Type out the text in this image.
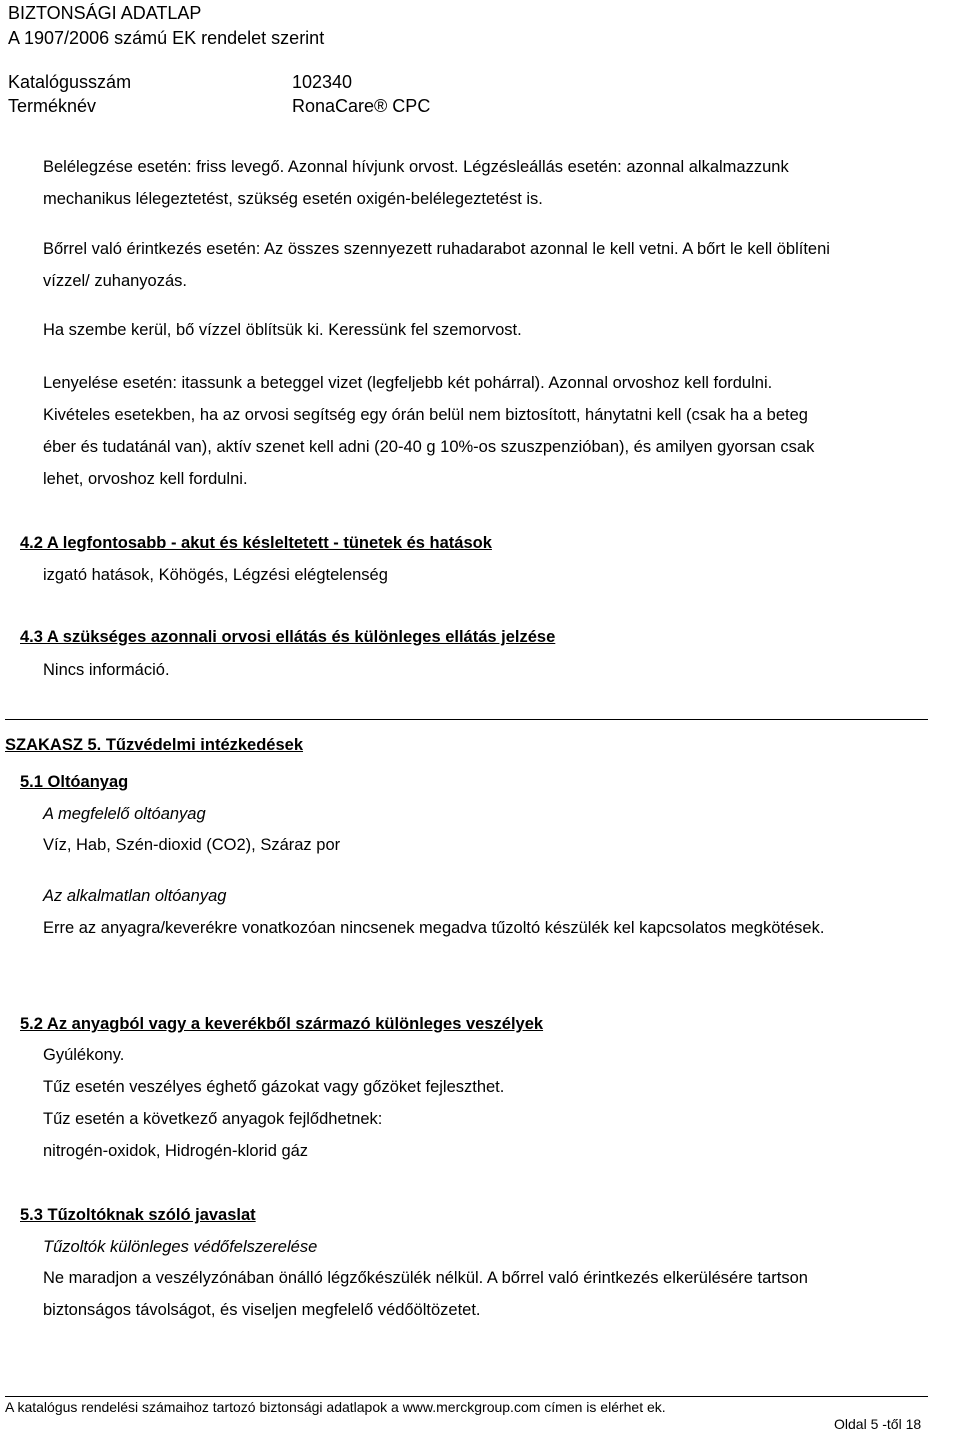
BIZTONSÁGI ADATLAP
A 1907/2006 számú EK rendelet szerint
Katalógusszám	102340
Terméknév	RonaCare® CPC
Belélegzése esetén: friss levegő. Azonnal hívjunk orvost. Légzésleállás esetén: azonnal alkalmazzunk mechanikus lélegeztetést, szükség esetén oxigén-belélegeztetést is.
Bőrrel való érintkezés esetén: Az összes szennyezett ruhadarabot azonnal le kell vetni. A bőrt le kell öblíteni vízzel/ zuhanyozás.
Ha szembe kerül, bő vízzel öblítsük ki. Keressünk fel szemorvost.
Lenyelése esetén: itassunk a beteggel vizet (legfeljebb két pohárral). Azonnal orvoshoz kell fordulni. Kivételes esetekben, ha az orvosi segítség egy órán belül nem biztosított, hánytatni kell (csak ha a beteg éber és tudatánál van), aktív szenet kell adni (20-40 g 10%-os szuszpenzióban), és amilyen gyorsan csak lehet, orvoshoz kell fordulni.
4.2 A legfontosabb - akut és késleltetett - tünetek és hatások
izgató hatások, Köhögés, Légzési elégtelenség
4.3 A szükséges azonnali orvosi ellátás és különleges ellátás jelzése
Nincs információ.
SZAKASZ 5. Tűzvédelmi intézkedések
5.1 Oltóanyag
A megfelelő oltóanyag
Víz, Hab, Szén-dioxid (CO2), Száraz por
Az alkalmatlan oltóanyag
Erre az anyagra/keverékre vonatkozóan nincsenek megadva tűzoltó készülék kel kapcsolatos megkötések.
5.2 Az anyagból vagy a keverékből származó különleges veszélyek
Gyúlékony.
Tűz esetén veszélyes éghető gázokat vagy gőzöket fejleszthet.
Tűz esetén a következő anyagok fejlődhetnek:
nitrogén-oxidok, Hidrogén-klorid gáz
5.3 Tűzoltóknak szóló javaslat
Tűzoltók különleges védőfelszerelése
Ne maradjon a veszélyzónában önálló légzőkészülék nélkül. A bőrrel való érintkezés elkerülésére tartson biztonságos távolságot, és viseljen megfelelő védőöltözetet.
A katalógus rendelési számaihoz tartozó biztonsági adatlapok a www.merckgroup.com címen is elérhet ek.
Oldal 5 -től 18
